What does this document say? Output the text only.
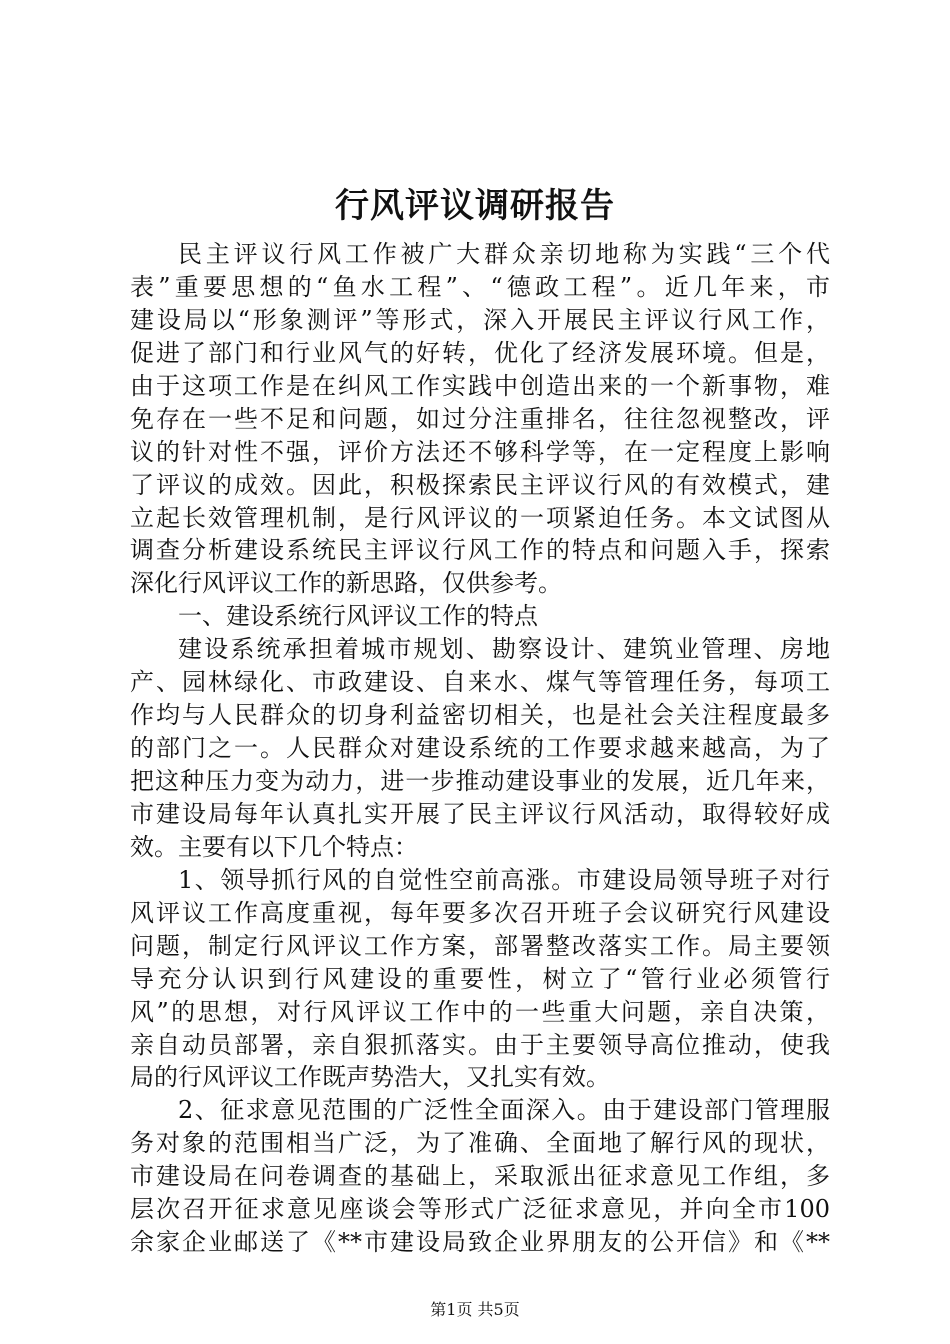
行风评议调研报告
民主评议行风工作被广大群众亲切地称为实践“三个代
表”重要思想的“鱼水工程”、“德政工程”。近几年来，市
建设局以“形象测评”等形式，深入开展民主评议行风工作，
促进了部门和行业风气的好转，优化了经济发展环境。但是，
由于这项工作是在纠风工作实践中创造出来的一个新事物，难
免存在一些不足和问题，如过分注重排名，往往忽视整改，评
议的针对性不强，评价方法还不够科学等，在一定程度上影响
了评议的成效。因此，积极探索民主评议行风的有效模式，建
立起长效管理机制，是行风评议的一项紧迫任务。本文试图从
调查分析建设系统民主评议行风工作的特点和问题入手，探索
深化行风评议工作的新思路，仅供参考。
一、建设系统行风评议工作的特点
建设系统承担着城市规划、勘察设计、建筑业管理、房地
产、园林绿化、市政建设、自来水、煤气等管理任务，每项工
作均与人民群众的切身利益密切相关，也是社会关注程度最多
的部门之一。人民群众对建设系统的工作要求越来越高，为了
把这种压力变为动力，进一步推动建设事业的发展，近几年来，
市建设局每年认真扎实开展了民主评议行风活动，取得较好成
效。主要有以下几个特点：
1、领导抓行风的自觉性空前高涨。市建设局领导班子对行
风评议工作高度重视，每年要多次召开班子会议研究行风建设
问题，制定行风评议工作方案，部署整改落实工作。局主要领
导充分认识到行风建设的重要性，树立了“管行业必须管行
风”的思想，对行风评议工作中的一些重大问题，亲自决策，
亲自动员部署，亲自狠抓落实。由于主要领导高位推动，使我
局的行风评议工作既声势浩大，又扎实有效。
2、征求意见范围的广泛性全面深入。由于建设部门管理服
务对象的范围相当广泛，为了准确、全面地了解行风的现状，
市建设局在问卷调查的基础上，采取派出征求意见工作组，多
层次召开征求意见座谈会等形式广泛征求意见，并向全市100
余家企业邮送了《**市建设局致企业界朋友的公开信》和《**
第1页 共5页
